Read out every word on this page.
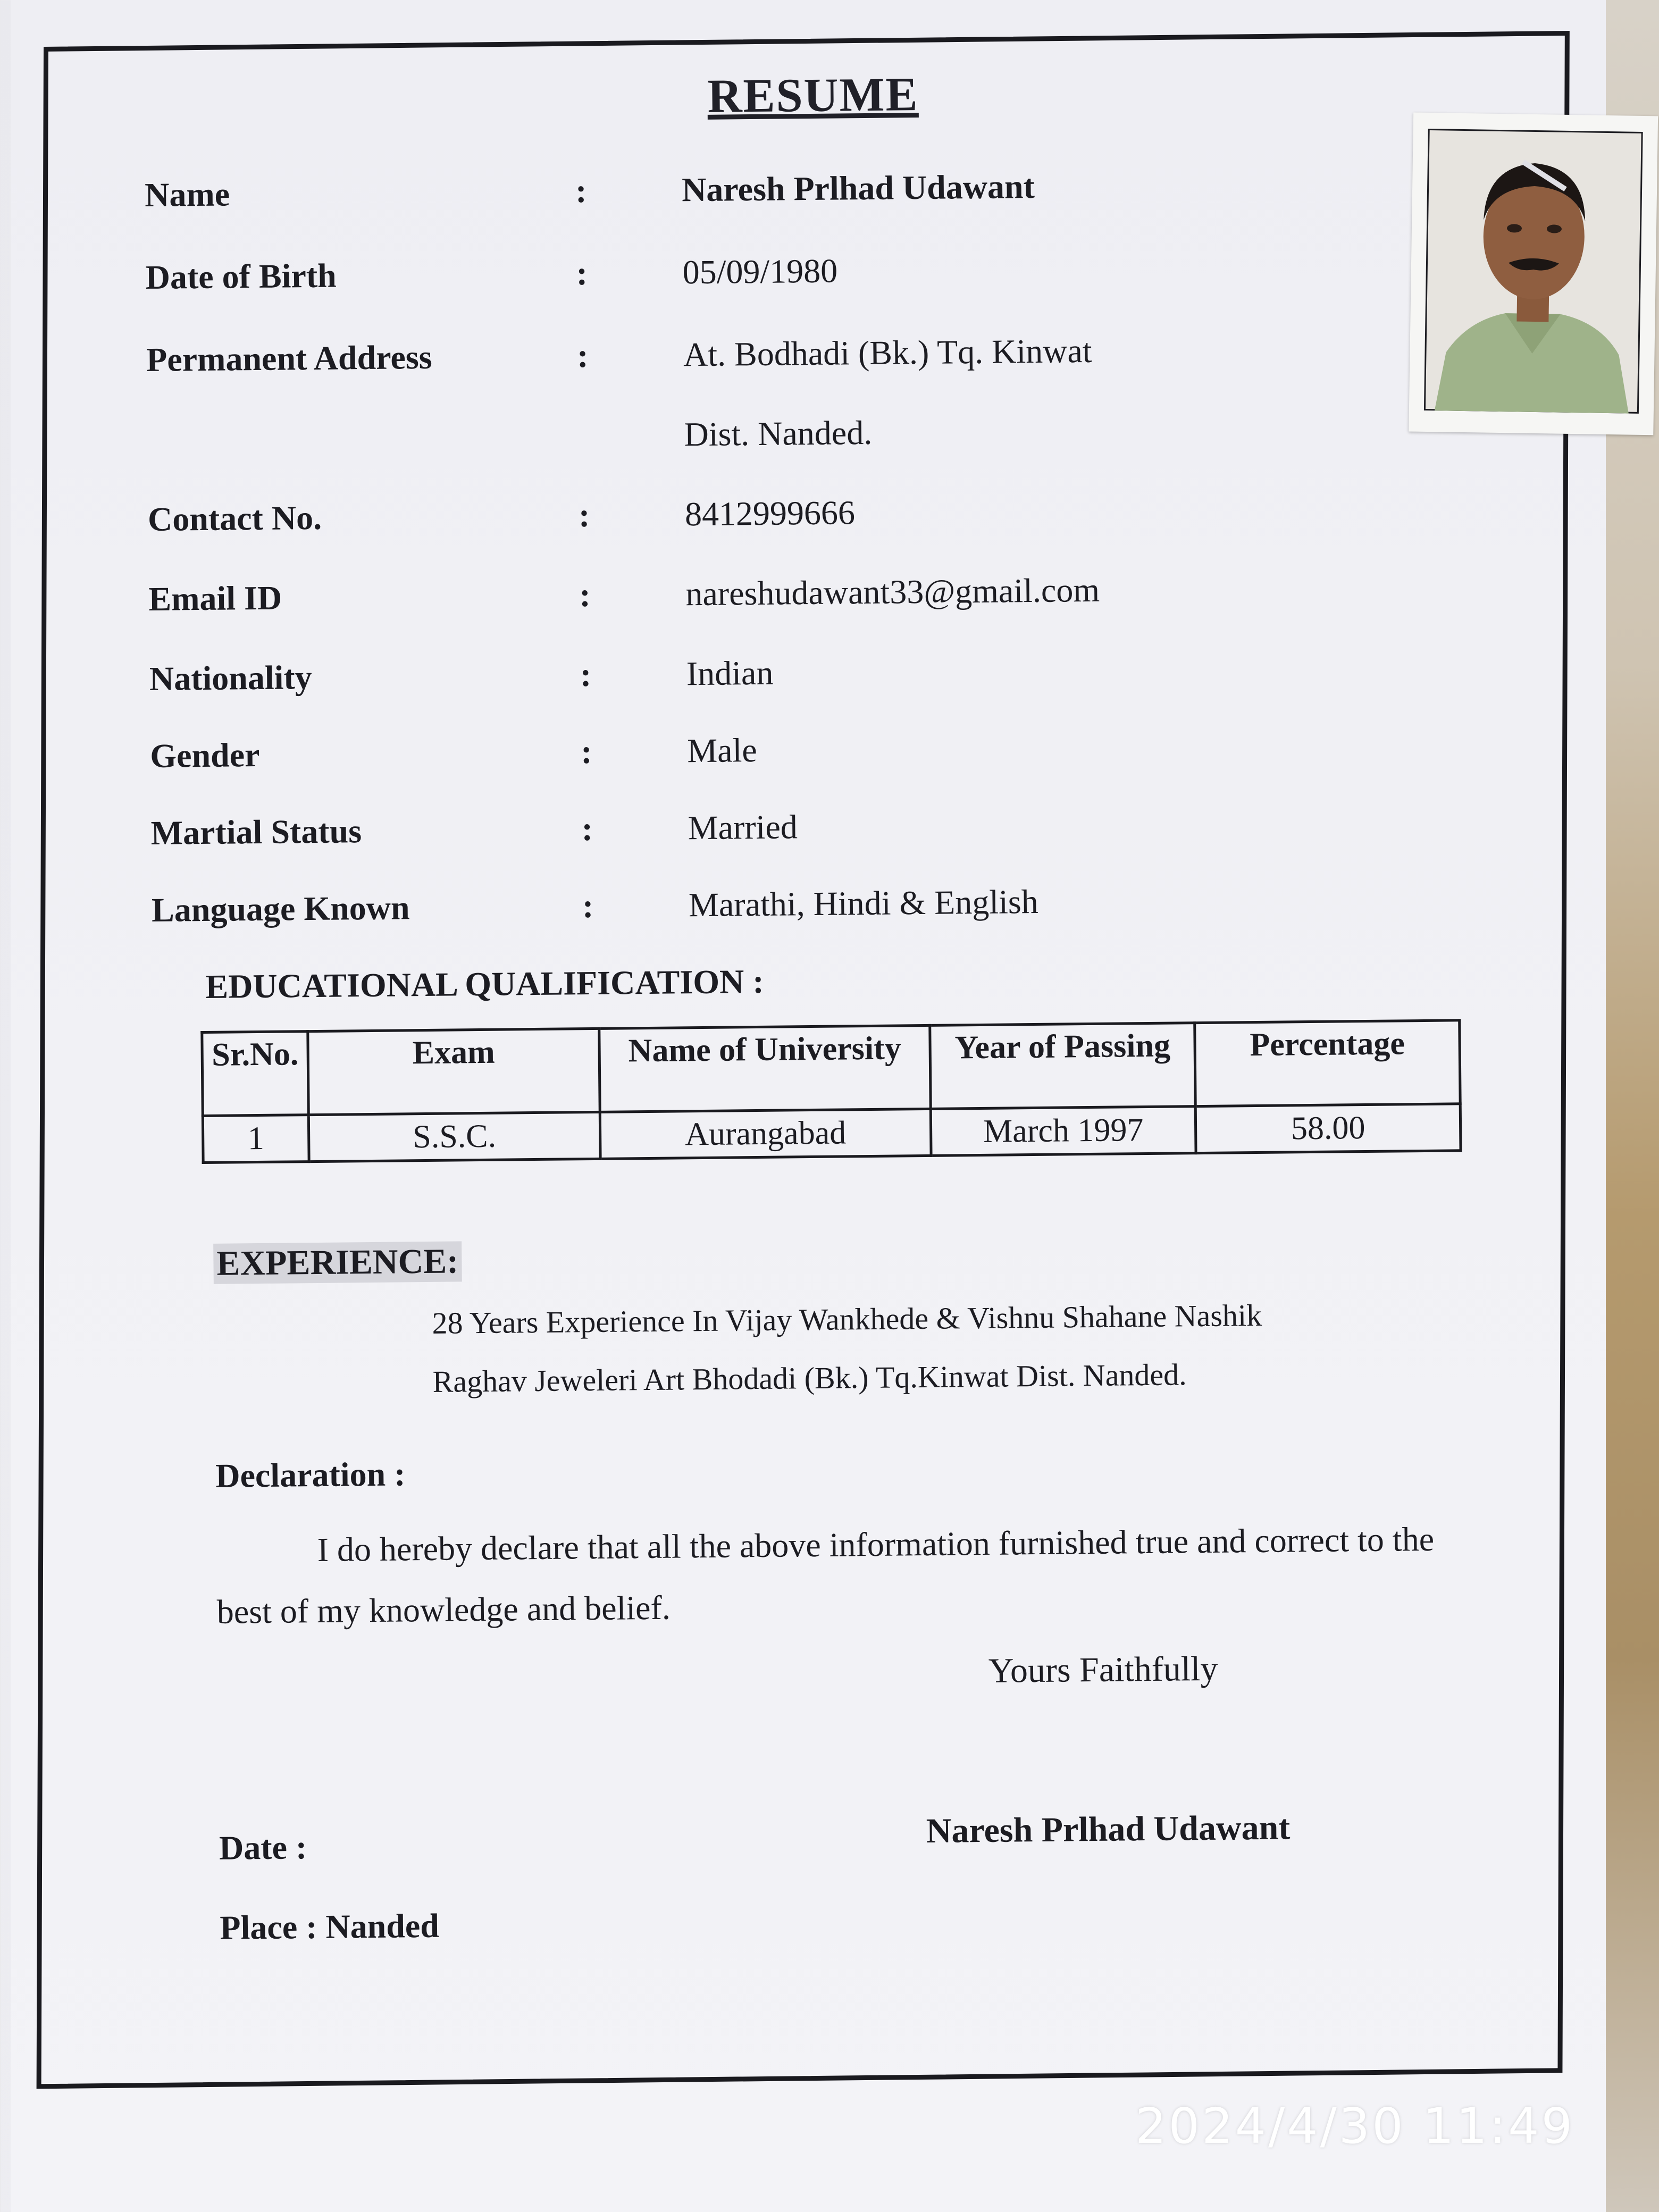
RESUME
Name	:	Naresh Prlhad Udawant
Date of Birth	:	05/09/1980
Permanent Address	:	At. Bodhadi (Bk.) Tq. Kinwat
Dist. Nanded.
Contact No.	:	8412999666
Email ID	:	nareshudawant33@gmail.com
Nationality	:	Indian
Gender	:	Male
Martial Status	:	Married
Language Known	:	Marathi, Hindi & English
EDUCATIONAL QUALIFICATION :
Sr.No.	Exam	Name of University	Year of Passing	Percentage
1	S.S.C.	Aurangabad	March 1997	58.00
EXPERIENCE:
28 Years Experience In Vijay Wankhede & Vishnu Shahane Nashik
Raghav Jeweleri Art Bhodadi (Bk.) Tq.Kinwat Dist. Nanded.
Declaration :
I do hereby declare that all the above information furnished true and correct to the best of my knowledge and belief.
Yours Faithfully
Naresh Prlhad Udawant
Date :
Place : Nanded
2024/4/30 11:49
